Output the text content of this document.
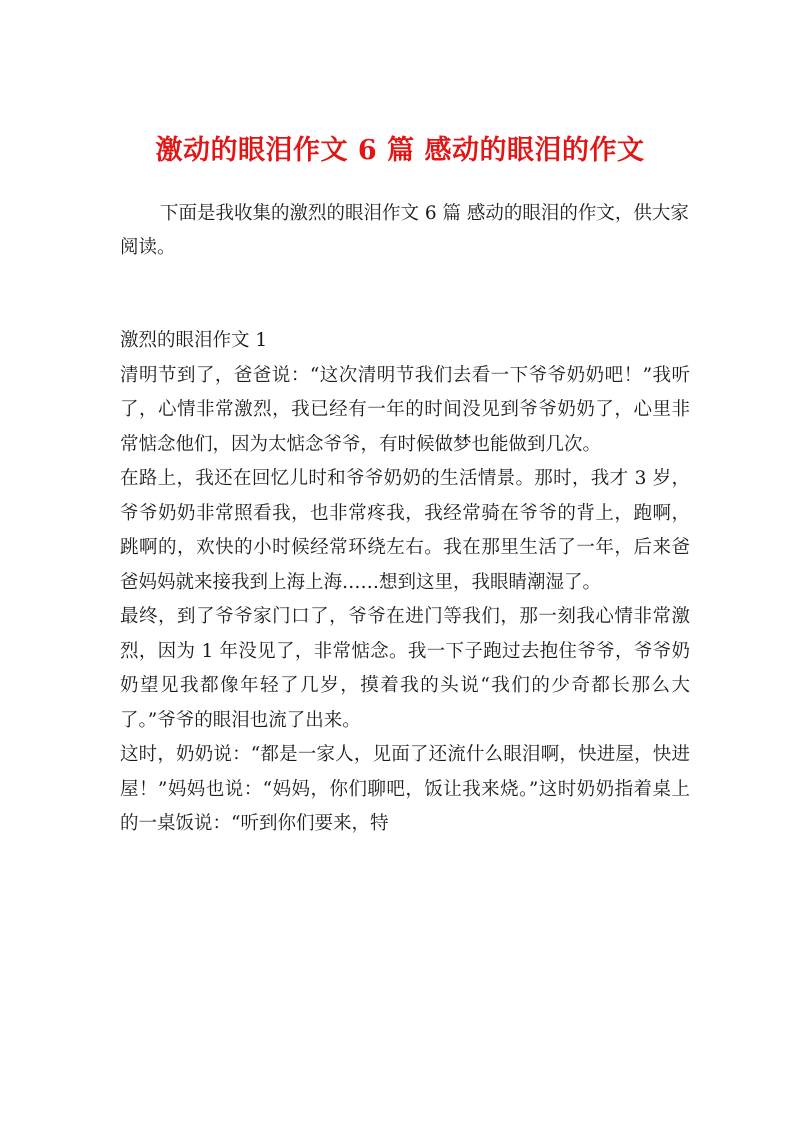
激动的眼泪作文 6 篇 感动的眼泪的作文
下面是我收集的激烈的眼泪作文 6 篇 感动的眼泪的作文，供大家阅读。

激烈的眼泪作文 1

清明节到了，爸爸说：“这次清明节我们去看一下爷爷奶奶吧！”我听了，心情非常激烈，我已经有一年的时间没见到爷爷奶奶了，心里非常惦念他们，因为太惦念爷爷，有时候做梦也能做到几次。

在路上，我还在回忆儿时和爷爷奶奶的生活情景。那时，我才 3 岁，爷爷奶奶非常照看我，也非常疼我，我经常骑在爷爷的背上，跑啊，跳啊的，欢快的小时候经常环绕左右。我在那里生活了一年，后来爸爸妈妈就来接我到上海上海……想到这里，我眼睛潮湿了。

最终，到了爷爷家门口了，爷爷在进门等我们，那一刻我心情非常激烈，因为 1 年没见了，非常惦念。我一下子跑过去抱住爷爷，爷爷奶奶望见我都像年轻了几岁，摸着我的头说“我们的少奇都长那么大了。”爷爷的眼泪也流了出来。

这时，奶奶说：“都是一家人，见面了还流什么眼泪啊，快进屋，快进屋！”妈妈也说：“妈妈，你们聊吧，饭让我来烧。”这时奶奶指着桌上的一桌饭说：“听到你们要来，特
